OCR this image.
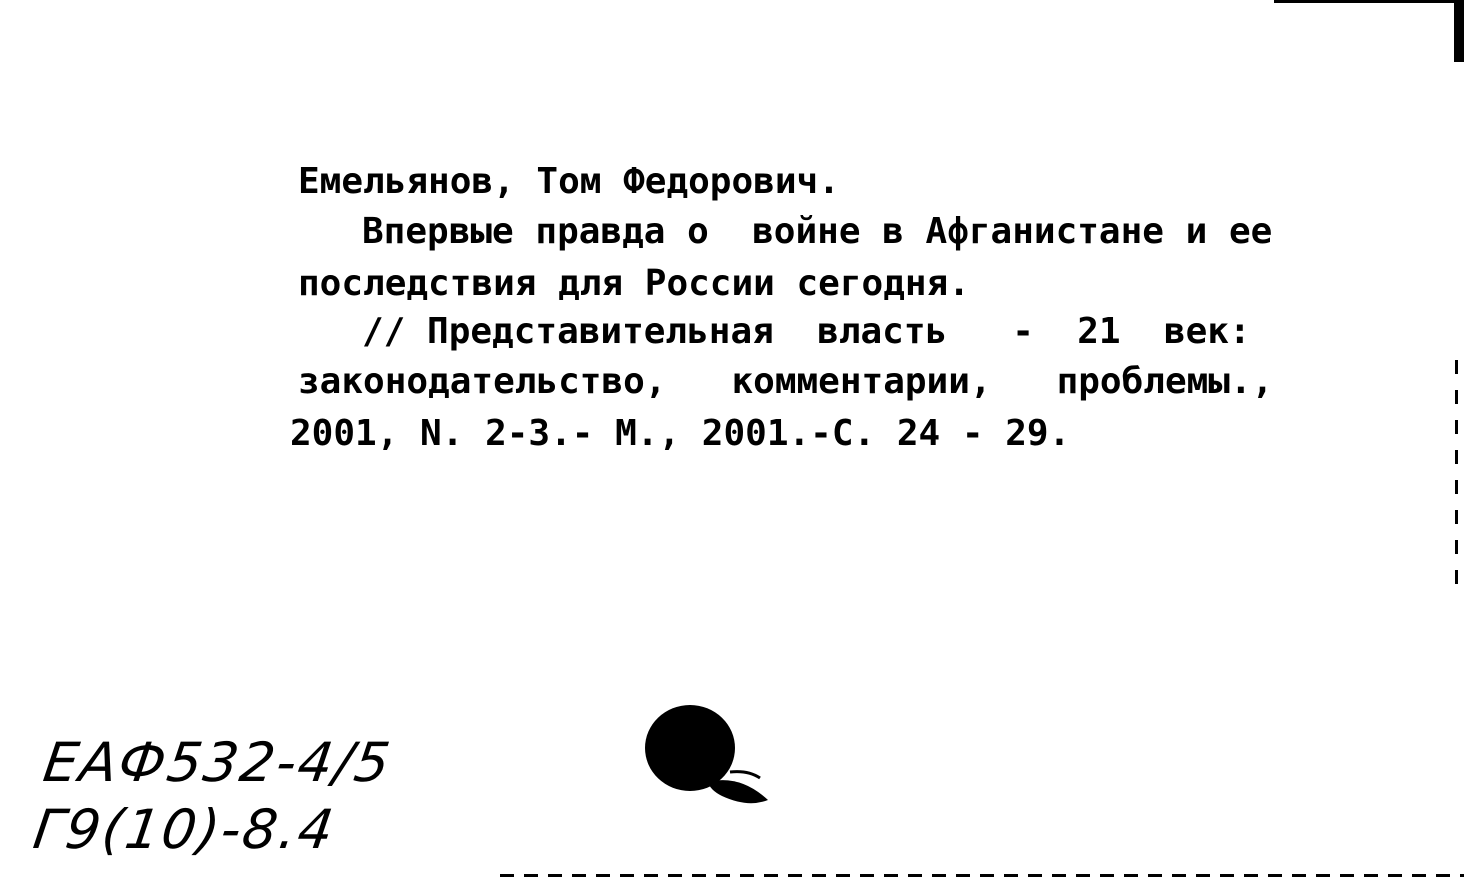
Емельянов, Том Федорович.

Впервые правда о  войне в Афганистане и ее

последствия для России сегодня.

// Представительная  власть   -  21  век:

законодательство,   комментарии,   проблемы.,

2001, N. 2-3.- М., 2001.-С. 24 - 29.

ЕАФ532-4/5
Г9(10)-8.4
